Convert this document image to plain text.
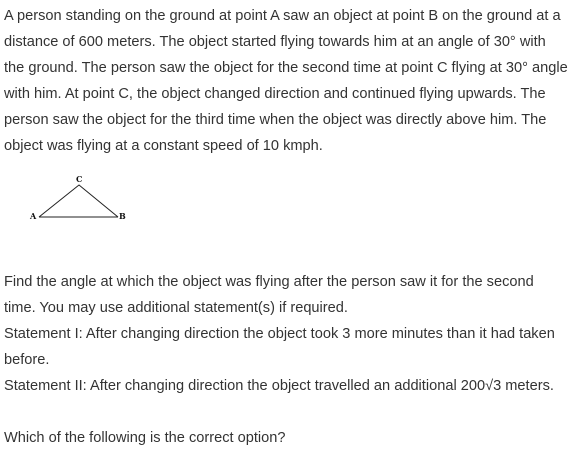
A person standing on the ground at point A saw an object at point B on the ground at a
distance of 600 meters. The object started flying towards him at an angle of 30° with
the ground. The person saw the object for the second time at point C flying at 30° angle
with him. At point C, the object changed direction and continued flying upwards. The
person saw the object for the third time when the object was directly above him. The
object was flying at a constant speed of 10 kmph.

A	B
C

Find the angle at which the object was flying after the person saw it for the second
time. You may use additional statement(s) if required.
Statement I: After changing direction the object took 3 more minutes than it had taken
before.
Statement II: After changing direction the object travelled an additional 200√3 meters.

Which of the following is the correct option?
